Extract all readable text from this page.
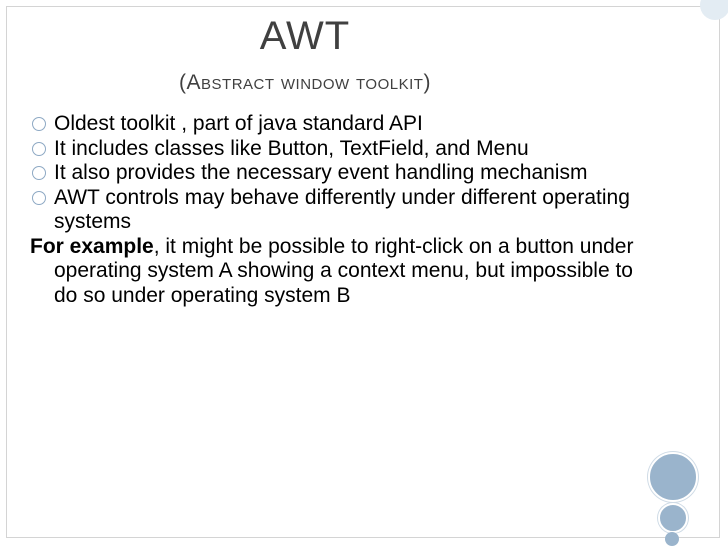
AWT
(Abstract window toolkit)
Oldest toolkit , part of java standard API
It includes classes like Button, TextField, and Menu
It also provides the necessary event handling mechanism
AWT controls may behave differently under different operating systems
For example, it might be possible to right-click on a button under operating system A showing a context menu, but impossible to do so under operating system B
